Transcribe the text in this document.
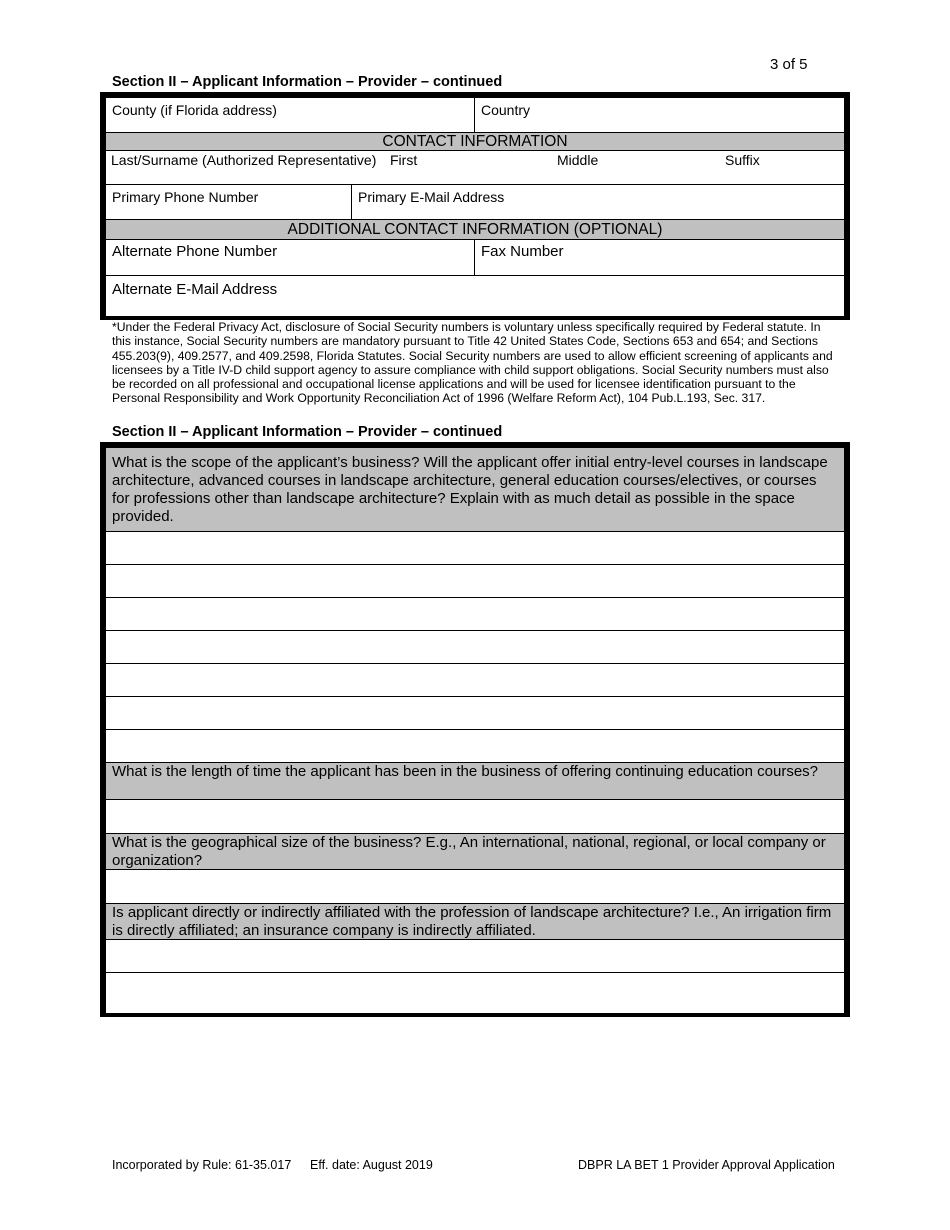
3 of 5
Section II – Applicant Information – Provider – continued
County (if Florida address)	Country
CONTACT INFORMATION
Last/Surname (Authorized Representative) First	Middle	Suffix
Primary Phone Number	Primary E-Mail Address
ADDITIONAL CONTACT INFORMATION (OPTIONAL)
Alternate Phone Number	Fax Number
Alternate E-Mail Address
*Under the Federal Privacy Act, disclosure of Social Security numbers is voluntary unless specifically required by Federal statute. In this instance, Social Security numbers are mandatory pursuant to Title 42 United States Code, Sections 653 and 654; and Sections 455.203(9), 409.2577, and 409.2598, Florida Statutes. Social Security numbers are used to allow efficient screening of applicants and licensees by a Title IV-D child support agency to assure compliance with child support obligations. Social Security numbers must also be recorded on all professional and occupational license applications and will be used for licensee identification pursuant to the Personal Responsibility and Work Opportunity Reconciliation Act of 1996 (Welfare Reform Act), 104 Pub.L.193, Sec. 317.
Section II – Applicant Information – Provider – continued
What is the scope of the applicant’s business? Will the applicant offer initial entry-level courses in landscape architecture, advanced courses in landscape architecture, general education courses/electives, or courses for professions other than landscape architecture? Explain with as much detail as possible in the space provided.
What is the length of time the applicant has been in the business of offering continuing education courses?
What is the geographical size of the business? E.g., An international, national, regional, or local company or organization?
Is applicant directly or indirectly affiliated with the profession of landscape architecture? I.e., An irrigation firm is directly affiliated; an insurance company is indirectly affiliated.
Incorporated by Rule: 61-35.017 Eff. date: August 2019	DBPR LA BET 1 Provider Approval Application
